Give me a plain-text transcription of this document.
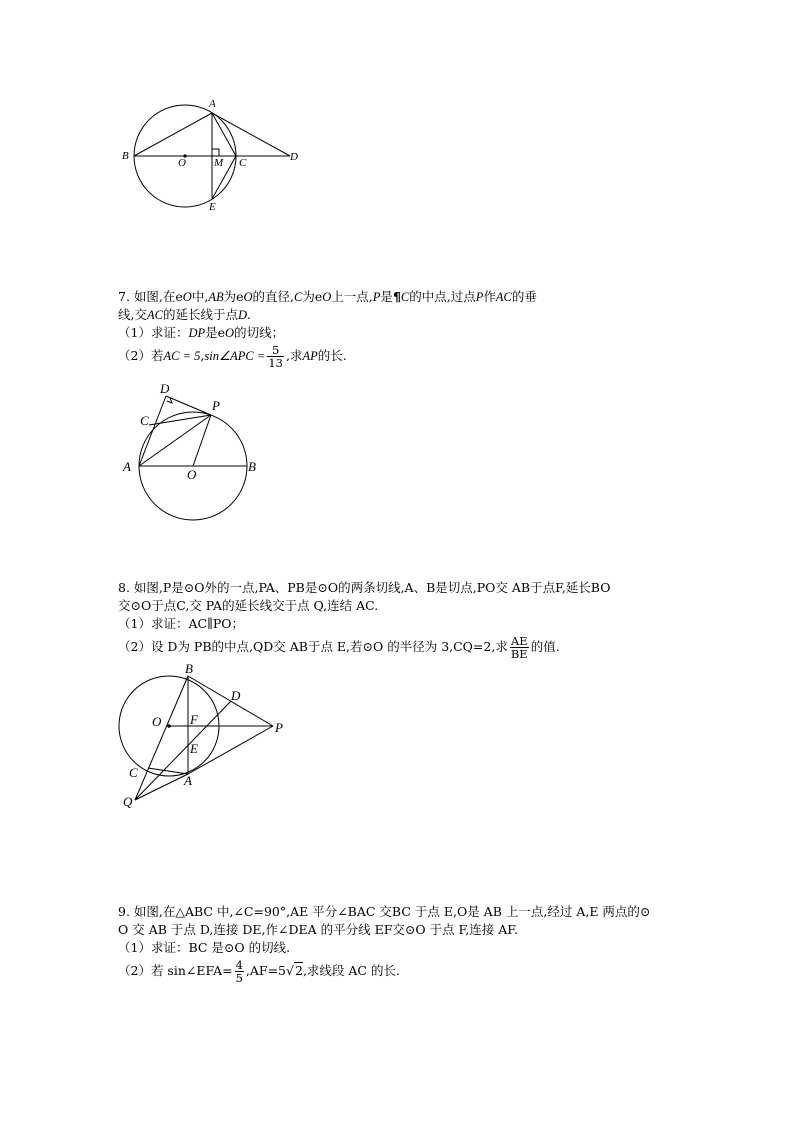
A
B
O	M C	D
E

7. 如图,在eO中,AB为eO的直径,C为eO上一点,P是¶C的中点,过点P作AC的垂

线,交AC的延长线于点D.

（1）求证：DP是eO的切线；

（2）若AC = 5,sin∠APC = $\frac{5}{13}$ ,求AP的长.

D
C
P
A
O
B

8. 如图,P是⊙O外的一点,PA、PB是⊙O的两条切线,A、B是切点,PO交 AB于点F,延长BO

交⊙O于点C,交 PA的延长线交于点 Q,连结 AC.

（1）求证：AC∥PO；

（2）设 D为 PB的中点,QD交 AB于点 E,若⊙O 的半径为 3,CQ=2,求 $\frac{AE}{BE}$ 的值.

B
D
O F
P
E
C
A
Q

9. 如图,在△ABC 中,∠C=90°,AE 平分∠BAC 交BC 于点 E,O是 AB 上一点,经过 A,E 两点的⊙

O 交 AB 于点 D,连接 DE,作∠DEA 的平分线 EF交⊙O 于点 F,连接 AF.

（1）求证：BC 是⊙O 的切线.

（2）若 sin∠EFA= $\frac{4}{5} ,AF=5√2$,求线段 AC 的长.
